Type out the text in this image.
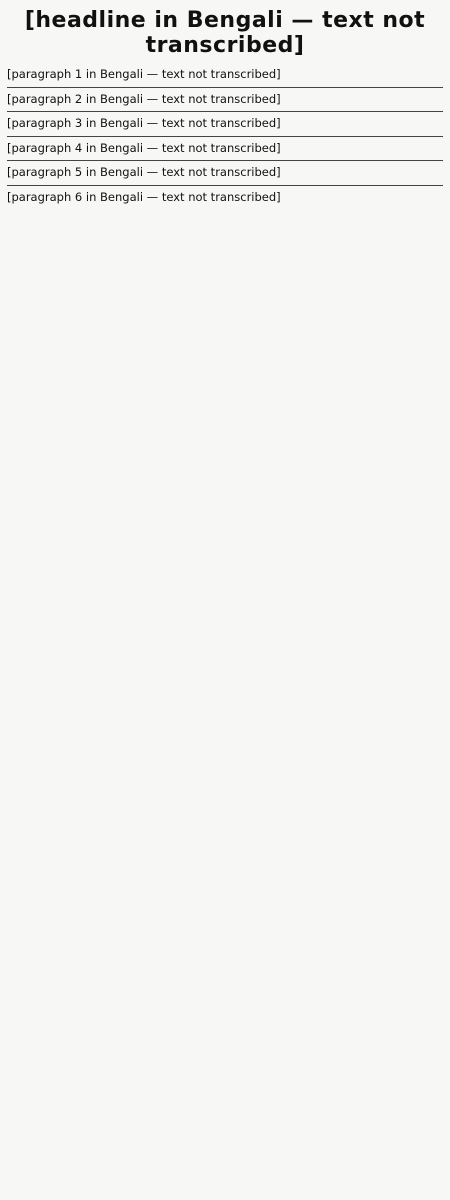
[headline in Bengali — text not transcribed]

[paragraph 1 in Bengali — text not transcribed]

[paragraph 2 in Bengali — text not transcribed]

[paragraph 3 in Bengali — text not transcribed]

[paragraph 4 in Bengali — text not transcribed]

[paragraph 5 in Bengali — text not transcribed]

[paragraph 6 in Bengali — text not transcribed]
